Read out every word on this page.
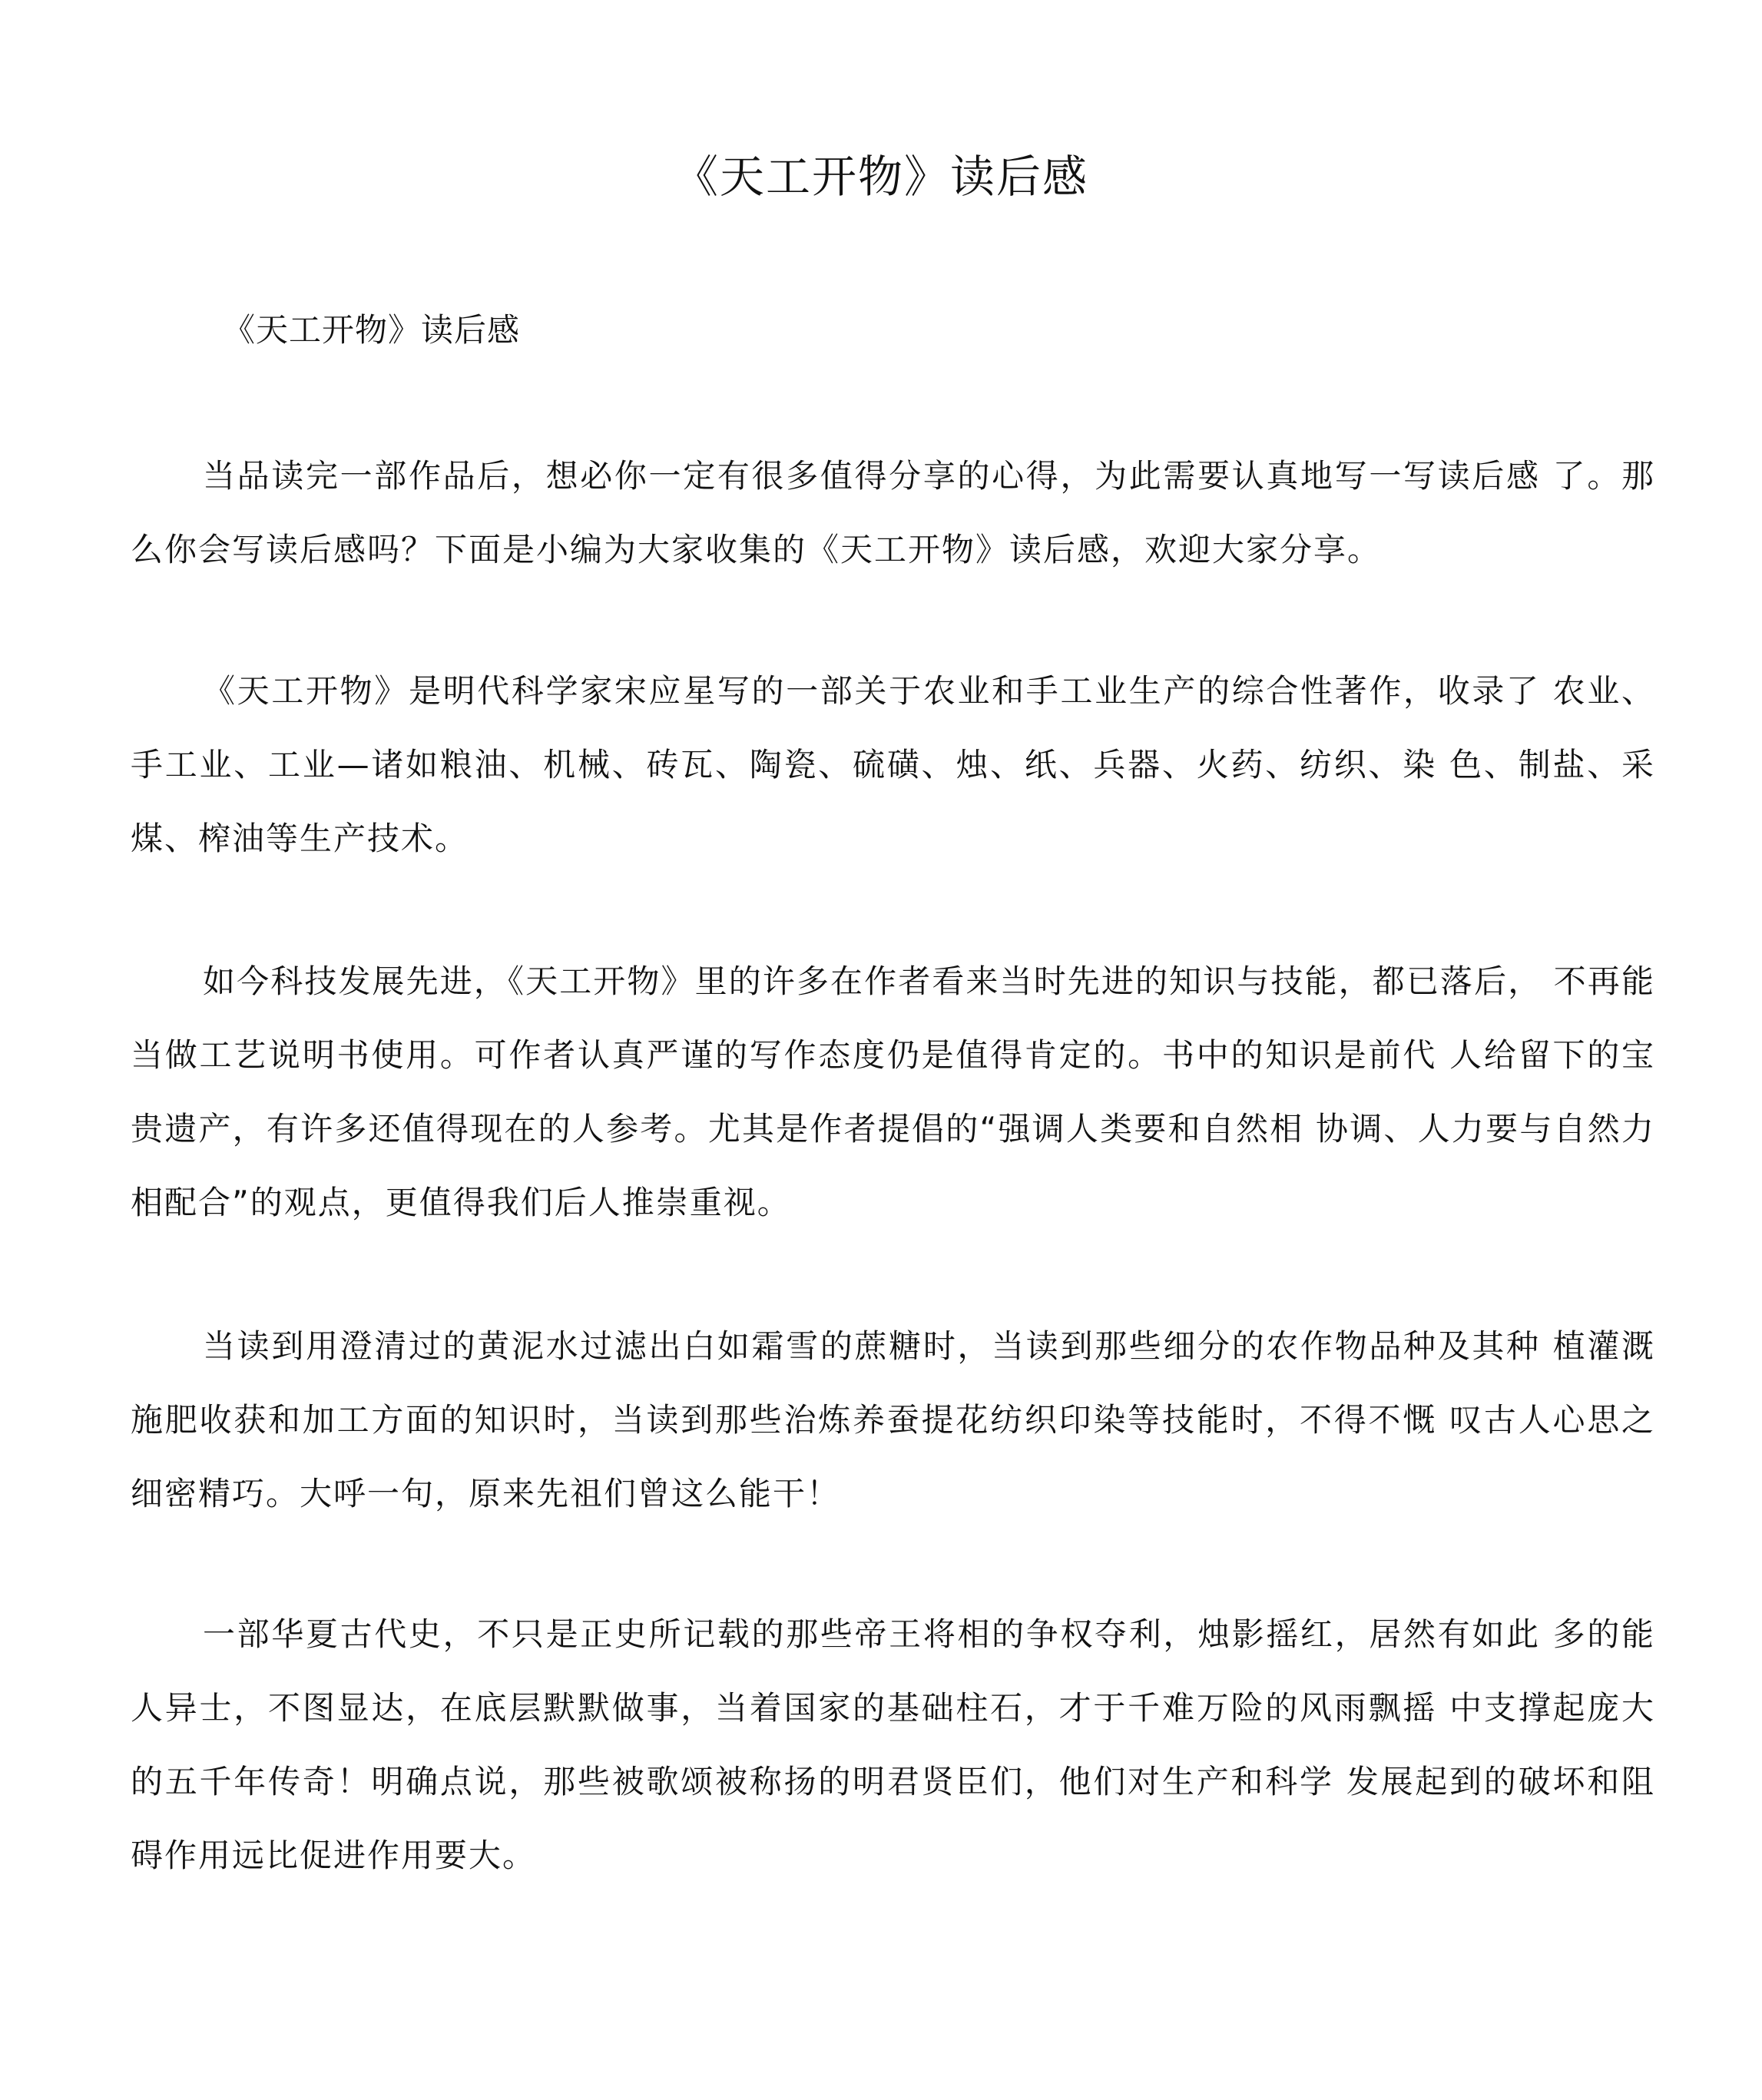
《天工开物》读后感
《天工开物》读后感

当品读完一部作品后，想必你一定有很多值得分享的心得，为此需要认真地写一写读后感 了。那么你会写读后感吗？下面是小编为大家收集的《天工开物》读后感，欢迎大家分享。

《天工开物》是明代科学家宋应星写的一部关于农业和手工业生产的综合性著作，收录了 农业、手工业、工业—诸如粮油、机械、砖瓦、陶瓷、硫磺、烛、纸、兵器、火药、纺织、染 色、制盐、采煤、榨油等生产技术。

如今科技发展先进，《天工开物》里的许多在作者看来当时先进的知识与技能，都已落后， 不再能当做工艺说明书使用。可作者认真严谨的写作态度仍是值得肯定的。书中的知识是前代 人给留下的宝贵遗产，有许多还值得现在的人参考。尤其是作者提倡的“强调人类要和自然相 协调、人力要与自然力相配合”的观点，更值得我们后人推崇重视。

当读到用澄清过的黄泥水过滤出白如霜雪的蔗糖时，当读到那些细分的农作物品种及其种 植灌溉施肥收获和加工方面的知识时，当读到那些治炼养蚕提花纺织印染等技能时，不得不慨 叹古人心思之细密精巧。大呼一句，原来先祖们曾这么能干！

一部华夏古代史，不只是正史所记载的那些帝王将相的争权夺利，烛影摇红，居然有如此 多的能人异士，不图显达，在底层默默做事，当着国家的基础柱石，才于千难万险的风雨飘摇 中支撑起庞大的五千年传奇！明确点说，那些被歌颂被称扬的明君贤臣们，他们对生产和科学 发展起到的破坏和阻碍作用远比促进作用要大。
